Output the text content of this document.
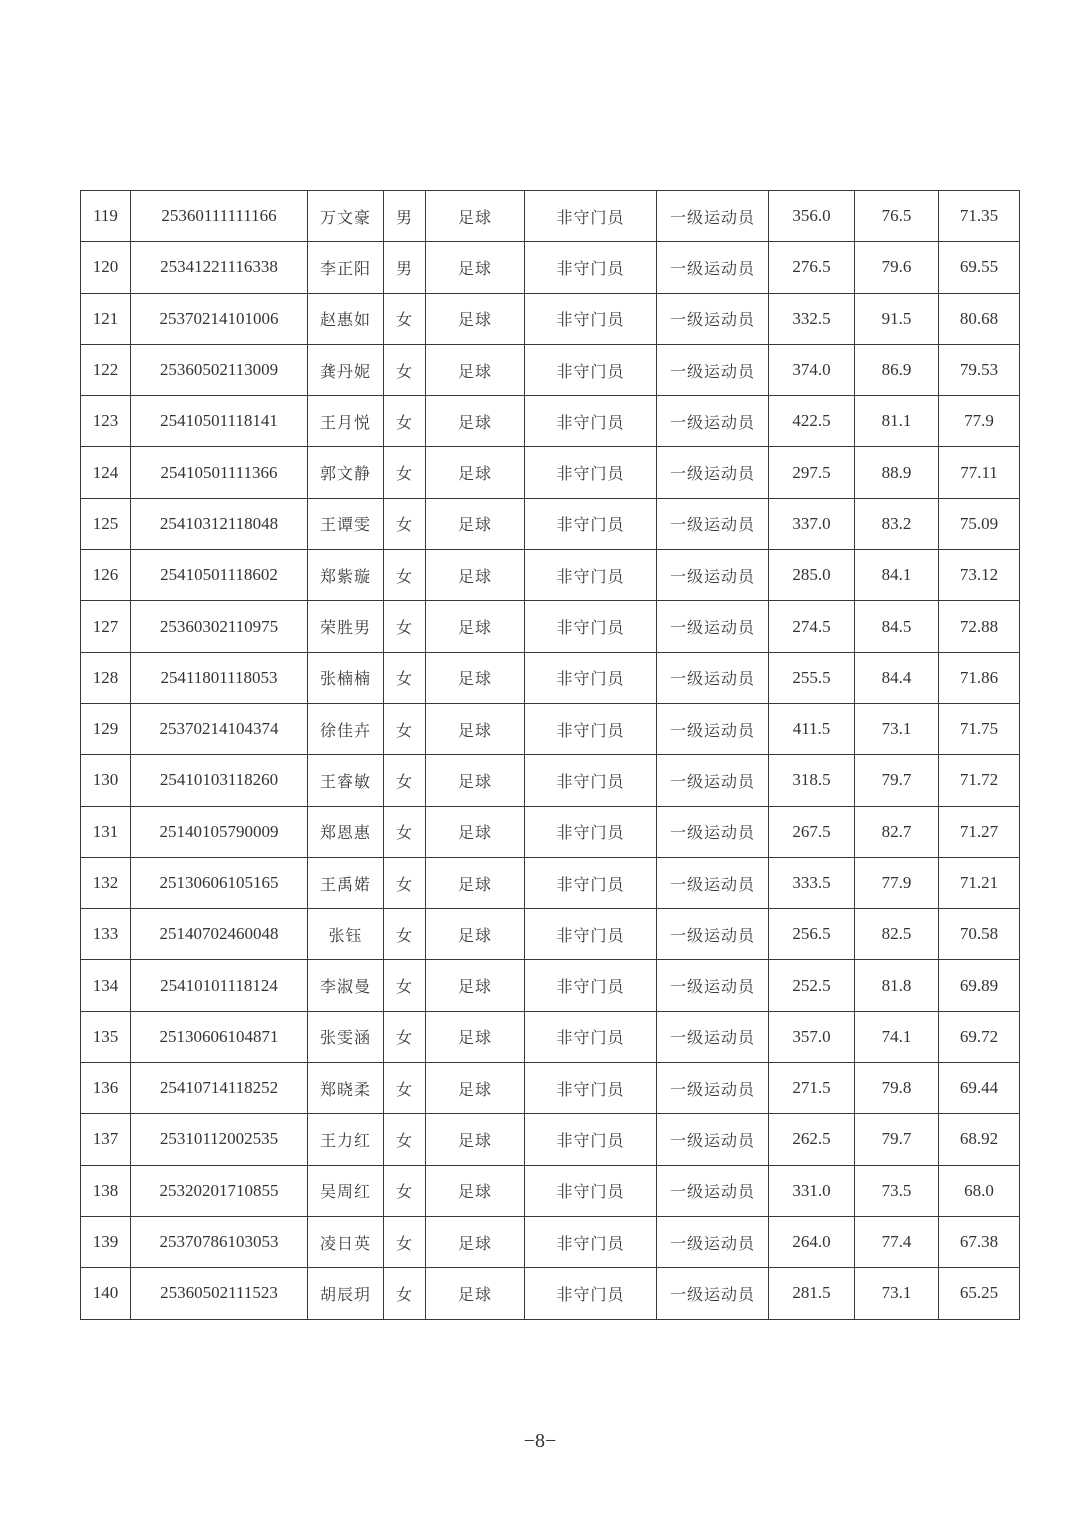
119	25360111111166	万文豪	男	足球	非守门员	一级运动员	356.0	76.5	71.35
120	25341221116338	李正阳	男	足球	非守门员	一级运动员	276.5	79.6	69.55
121	25370214101006	赵惠如	女	足球	非守门员	一级运动员	332.5	91.5	80.68
122	25360502113009	龚丹妮	女	足球	非守门员	一级运动员	374.0	86.9	79.53
123	25410501118141	王月悦	女	足球	非守门员	一级运动员	422.5	81.1	77.9
124	25410501111366	郭文静	女	足球	非守门员	一级运动员	297.5	88.9	77.11
125	25410312118048	王谭雯	女	足球	非守门员	一级运动员	337.0	83.2	75.09
126	25410501118602	郑紫璇	女	足球	非守门员	一级运动员	285.0	84.1	73.12
127	25360302110975	荣胜男	女	足球	非守门员	一级运动员	274.5	84.5	72.88
128	25411801118053	张楠楠	女	足球	非守门员	一级运动员	255.5	84.4	71.86
129	25370214104374	徐佳卉	女	足球	非守门员	一级运动员	411.5	73.1	71.75
130	25410103118260	王睿敏	女	足球	非守门员	一级运动员	318.5	79.7	71.72
131	25140105790009	郑恩惠	女	足球	非守门员	一级运动员	267.5	82.7	71.27
132	25130606105165	王禹婼	女	足球	非守门员	一级运动员	333.5	77.9	71.21
133	25140702460048	张钰	女	足球	非守门员	一级运动员	256.5	82.5	70.58
134	25410101118124	李淑曼	女	足球	非守门员	一级运动员	252.5	81.8	69.89
135	25130606104871	张雯涵	女	足球	非守门员	一级运动员	357.0	74.1	69.72
136	25410714118252	郑晓柔	女	足球	非守门员	一级运动员	271.5	79.8	69.44
137	25310112002535	王力红	女	足球	非守门员	一级运动员	262.5	79.7	68.92
138	25320201710855	吴周红	女	足球	非守门员	一级运动员	331.0	73.5	68.0
139	25370786103053	凌日英	女	足球	非守门员	一级运动员	264.0	77.4	67.38
140	25360502111523	胡辰玥	女	足球	非守门员	一级运动员	281.5	73.1	65.25
−8−
